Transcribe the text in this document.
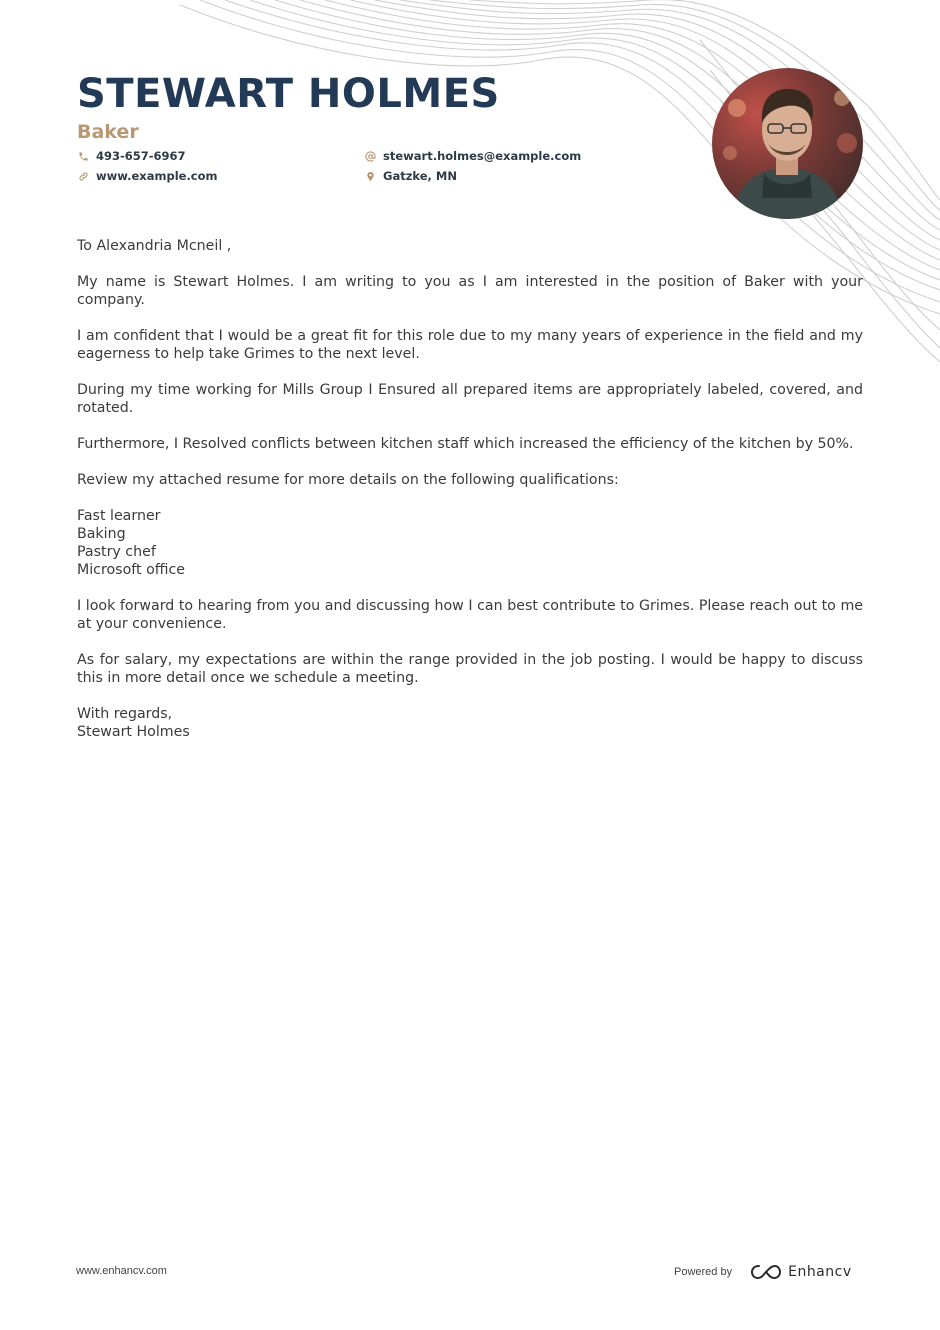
STEWART HOLMES
Baker
493-657-6967
www.example.com
stewart.holmes@example.com
Gatzke, MN

To Alexandria Mcneil ,

My name is Stewart Holmes. I am writing to you as I am interested in the position of Baker with your company.

I am confident that I would be a great fit for this role due to my many years of experience in the field and my eagerness to help take Grimes to the next level.

During my time working for Mills Group I Ensured all prepared items are appropriately labeled, covered, and rotated.

Furthermore, I Resolved conflicts between kitchen staff which increased the efficiency of the kitchen by 50%.

Review my attached resume for more details on the following qualifications:

Fast learner
Baking
Pastry chef
Microsoft office

I look forward to hearing from you and discussing how I can best contribute to Grimes. Please reach out to me at your convenience.

As for salary, my expectations are within the range provided in the job posting. I would be happy to discuss this in more detail once we schedule a meeting.

With regards,
Stewart Holmes
www.enhancv.com	Powered by	Enhancv
